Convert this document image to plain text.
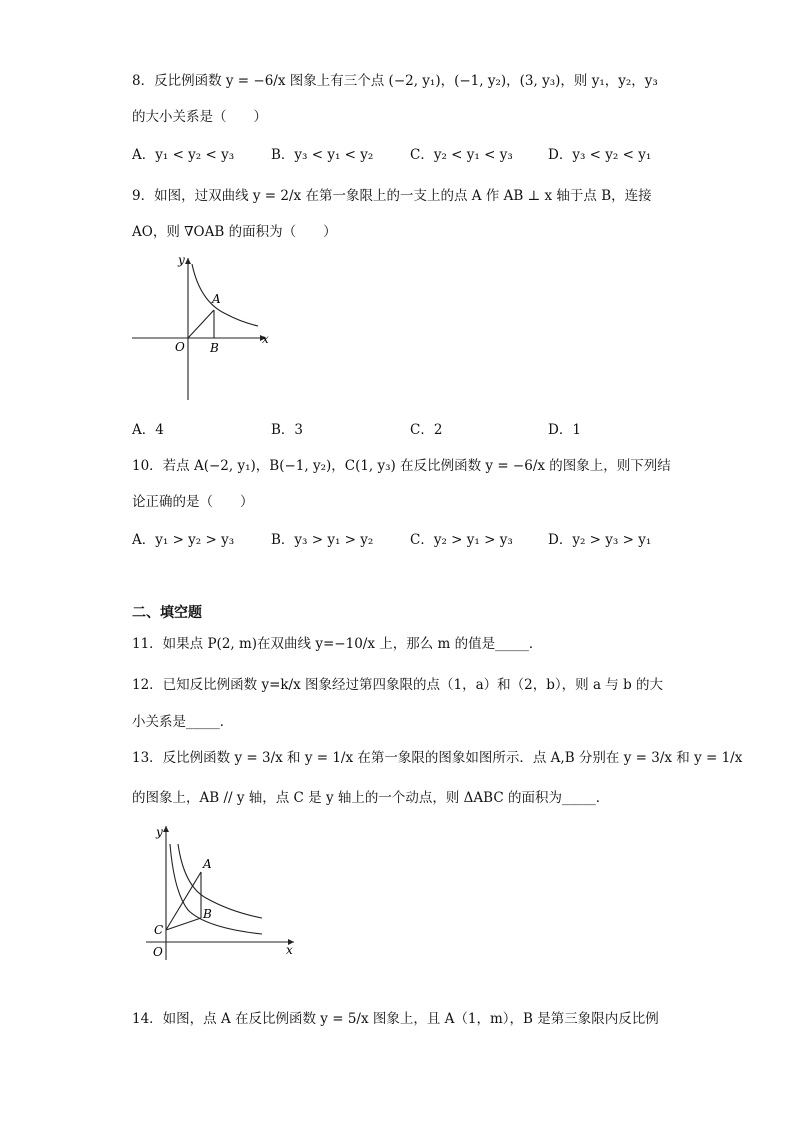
8．反比例函数 y = −6/x 图象上有三个点 (−2, y₁)，(−1, y₂)，(3, y₃)，则 y₁，y₂，y₃
的大小关系是（　　）
A．y₁ < y₂ < y₃	B．y₃ < y₁ < y₂	C．y₂ < y₁ < y₃	D．y₃ < y₂ < y₁
9．如图，过双曲线 y = 2/x 在第一象限上的一支上的点 A 作 AB ⊥ x 轴于点 B，连接
AO，则 ∇OAB 的面积为（　　）
y
x
O
A
B
A．4	B．3	C．2	D．1
10．若点 A(−2, y₁)，B(−1, y₂)，C(1, y₃) 在反比例函数 y = −6/x 的图象上，则下列结
论正确的是（　　）
A．y₁ > y₂ > y₃	B．y₃ > y₁ > y₂	C．y₂ > y₁ > y₃	D．y₂ > y₃ > y₁
二、填空题
11．如果点 P(2, m)在双曲线 y=−10/x 上，那么 m 的值是_____．
12．已知反比例函数 y=k/x 图象经过第四象限的点（1，a）和（2，b），则 a 与 b 的大
小关系是_____．
13．反比例函数 y = 3/x 和 y = 1/x 在第一象限的图象如图所示．点 A,B 分别在 y = 3/x 和 y = 1/x
的图象上，AB // y 轴，点 C 是 y 轴上的一个动点，则 ΔABC 的面积为_____．
y
x
O
A
B
C
14．如图，点 A 在反比例函数 y = 5/x 图象上，且 A（1，m），B 是第三象限内反比例
